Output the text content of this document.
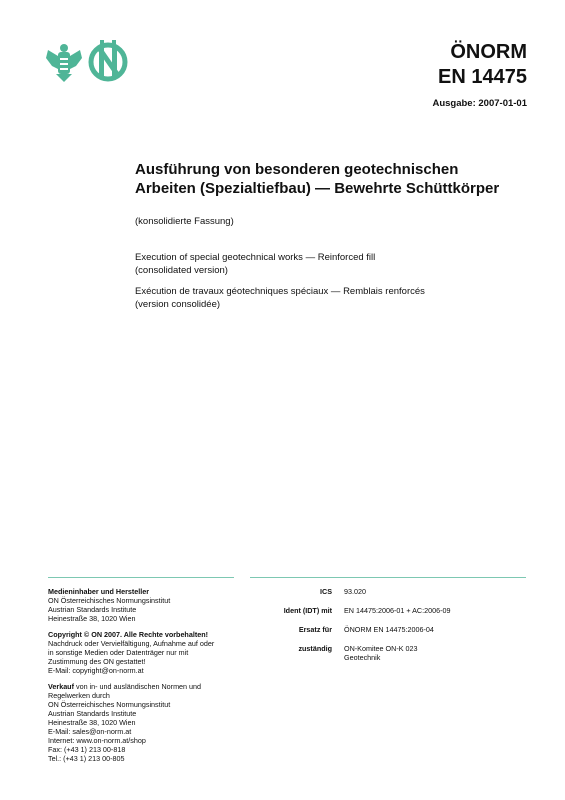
ÖNORM
EN 14475
Ausgabe: 2007-01-01
Ausführung von besonderen geotechnischen
Arbeiten (Spezialtiefbau) — Bewehrte Schüttkörper
(konsolidierte Fassung)
Execution of special geotechnical works — Reinforced fill
(consolidated version)
Exécution de travaux géotechniques spéciaux — Remblais renforcés
(version consolidée)
Medieninhaber und Hersteller
ON Österreichisches Normungsinstitut
Austrian Standards Institute
Heinestraße 38, 1020 Wien
Copyright © ON 2007. Alle Rechte vorbehalten!
Nachdruck oder Vervielfältigung, Aufnahme auf oder
in sonstige Medien oder Datenträger nur mit
Zustimmung des ON gestattet!
E-Mail: copyright@on-norm.at
Verkauf von in- und ausländischen Normen und
Regelwerken durch
ON Österreichisches Normungsinstitut
Austrian Standards Institute
Heinestraße 38, 1020 Wien
E-Mail: sales@on-norm.at
Internet: www.on-norm.at/shop
Fax: (+43 1) 213 00-818
Tel.: (+43 1) 213 00-805
ICS	93.020
Ident (IDT) mit	EN 14475:2006-01 + AC:2006-09
Ersatz für	ÖNORM EN 14475:2006-04
zuständig	ON-Komitee ON-K 023
Geotechnik
